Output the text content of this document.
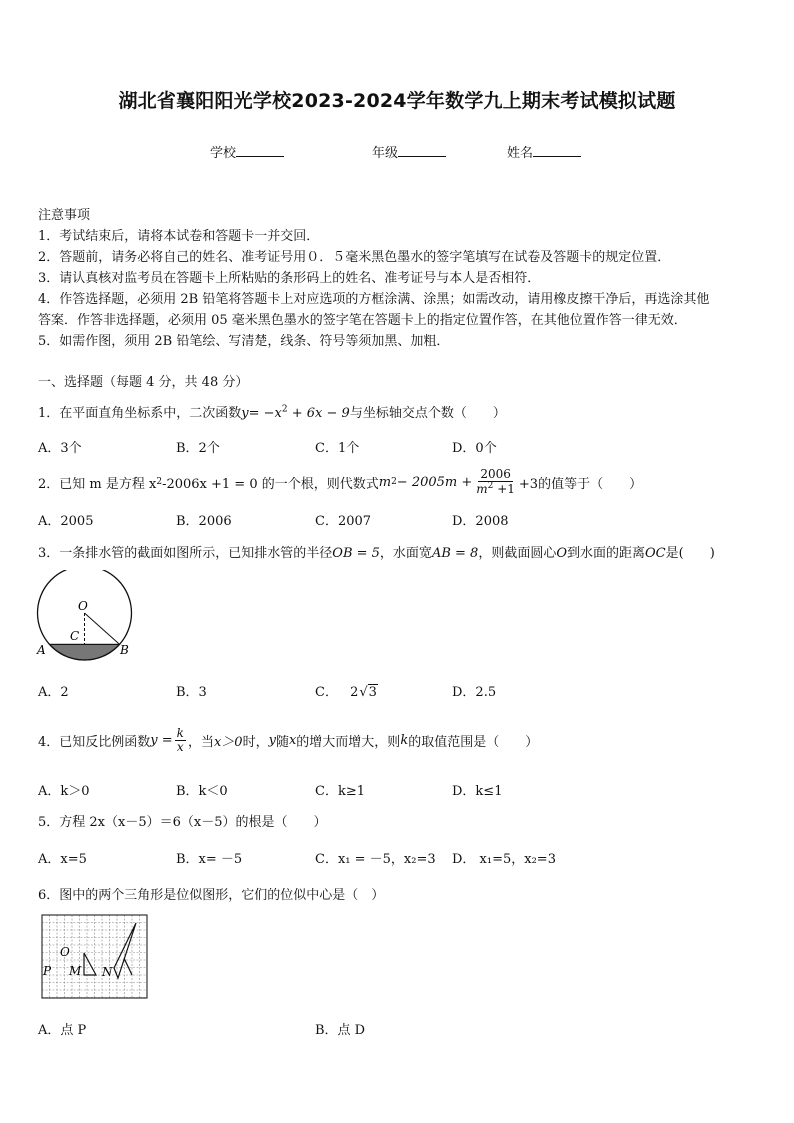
湖北省襄阳阳光学校2023-2024学年数学九上期末考试模拟试题
学校	年级	姓名
注意事项
1．考试结束后，请将本试卷和答题卡一并交回．
2．答题前，请务必将自己的姓名、准考证号用０．５毫米黑色墨水的签字笔填写在试卷及答题卡的规定位置．
3．请认真核对监考员在答题卡上所粘贴的条形码上的姓名、准考证号与本人是否相符．
4．作答选择题，必须用 2B 铅笔将答题卡上对应选项的方框涂满、涂黑；如需改动，请用橡皮擦干净后，再选涂其他
答案．作答非选择题，必须用 05 毫米黑色墨水的签字笔在答题卡上的指定位置作答，在其他位置作答一律无效．
5．如需作图，须用 2B 铅笔绘、写清楚，线条、符号等须加黑、加粗．
一、选择题（每题 4 分，共 48 分）
1．在平面直角坐标系中，二次函数$y= -x^2 + 6x - 9$与坐标轴交点个数（　　）
A．3个	B．2个	C．1个	D．0个
2．已知 m 是方程 x 2 -2006x +1 = 0 的一个根，则代数式 m $2 - 2005m + \frac{2006}{m^2 +1} +3$的值等于（　　）
A．2005	B．2006	C．2007	D．2008
3．一条排水管的截面如图所示，已知排水管的半径OB = 5，水面宽AB = 8，则截面圆心O到水面的距离OC是(　　)
O
C
A	B
A．2	B．3	C． 2√3	D．2.5
4．已知反比例函数 $y = \frac{k}{x}$ ，当 x＞0 时， y 随 x 的增大而增大，则 k 的取值范围是（　　）
A．k＞0	B．k＜0	C．k≥1	D．k≤1
5．方程 2x（x－5）＝6（x－5）的根是（　　）
A．x=5	B．x= －5	C．x₁ = －5，x₂=3 D． x₁=5，x₂=3
6．图中的两个三角形是位似图形，它们的位似中心是（　）
O
P M N
A．点 P	B．点 D
